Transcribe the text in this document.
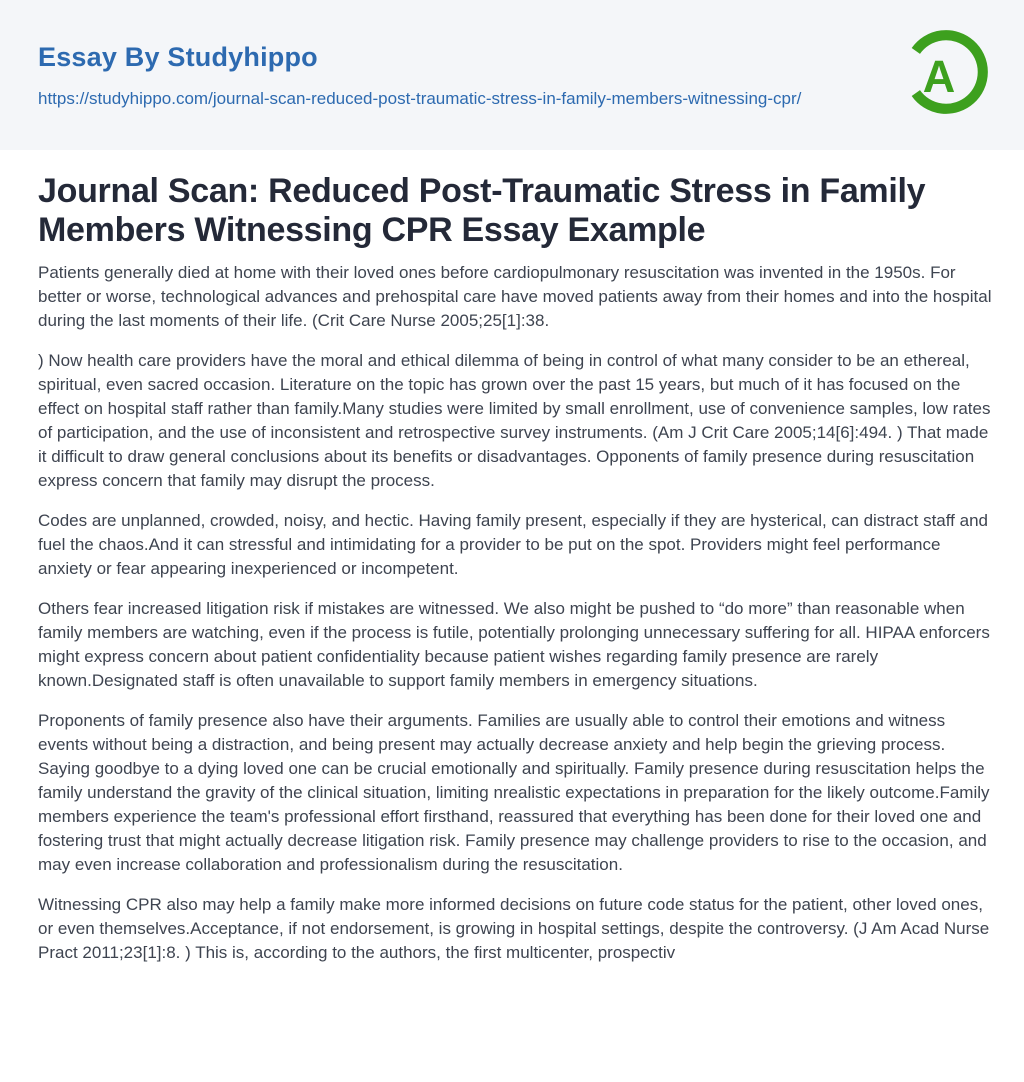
Essay By Studyhippo
https://studyhippo.com/journal-scan-reduced-post-traumatic-stress-in-family-members-witnessing-cpr/	A
Journal Scan: Reduced Post-Traumatic Stress in Family Members Witnessing CPR Essay Example

Patients generally died at home with their loved ones before cardiopulmonary resuscitation was invented in the 1950s. For better or worse, technological advances and prehospital care have moved patients away from their homes and into the hospital during the last moments of their life. (Crit Care Nurse 2005;25[1]:38.

) Now health care providers have the moral and ethical dilemma of being in control of what many consider to be an ethereal, spiritual, even sacred occasion. Literature on the topic has grown over the past 15 years, but much of it has focused on the effect on hospital staff rather than family.Many studies were limited by small enrollment, use of convenience samples, low rates of participation, and the use of inconsistent and retrospective survey instruments. (Am J Crit Care 2005;14[6]:494. ) That made it difficult to draw general conclusions about its benefits or disadvantages. Opponents of family presence during resuscitation express concern that family may disrupt the process.

Codes are unplanned, crowded, noisy, and hectic. Having family present, especially if they are hysterical, can distract staff and fuel the chaos.And it can stressful and intimidating for a provider to be put on the spot. Providers might feel performance anxiety or fear appearing inexperienced or incompetent.

Others fear increased litigation risk if mistakes are witnessed. We also might be pushed to “do more” than reasonable when family members are watching, even if the process is futile, potentially prolonging unnecessary suffering for all. HIPAA enforcers might express concern about patient confidentiality because patient wishes regarding family presence are rarely known.Designated staff is often unavailable to support family members in emergency situations.

Proponents of family presence also have their arguments. Families are usually able to control their emotions and witness events without being a distraction, and being present may actually decrease anxiety and help begin the grieving process. Saying goodbye to a dying loved one can be crucial emotionally and spiritually. Family presence during resuscitation helps the family understand the gravity of the clinical situation, limiting nrealistic expectations in preparation for the likely outcome.Family members experience the team's professional effort firsthand, reassured that everything has been done for their loved one and fostering trust that might actually decrease litigation risk. Family presence may challenge providers to rise to the occasion, and may even increase collaboration and professionalism during the resuscitation.

Witnessing CPR also may help a family make more informed decisions on future code status for the patient, other loved ones, or even themselves.Acceptance, if not endorsement, is growing in hospital settings, despite the controversy. (J Am Acad Nurse Pract 2011;23[1]:8. ) This is, according to the authors, the first multicenter, prospectiv
